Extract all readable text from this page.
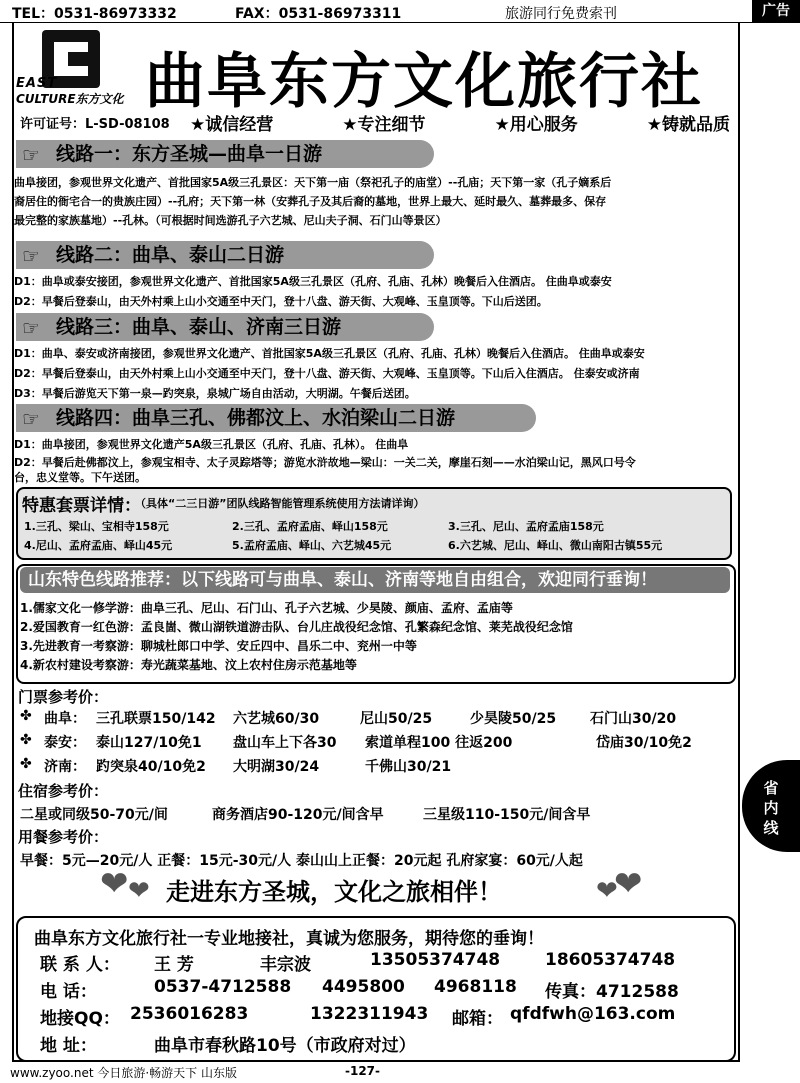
TEL：0531-86973332	FAX：0531-86973311	旅游同行免费索刊	广告
EAST
CULTURE东方文化 曲阜东方文化旅行社
许可证号：L-SD-08108 ★诚信经营	★专注细节	★用心服务	★铸就品质
☞ 线路一：东方圣城—曲阜一日游
曲阜接团，参观世界文化遗产、首批国家5A级三孔景区：天下第一庙（祭祀孔子的庙堂）--孔庙；天下第一家（孔子嫡系后
裔居住的衙宅合一的贵族庄园）--孔府；天下第一林（安葬孔子及其后裔的墓地，世界上最大、延时最久、墓葬最多、保存
最完整的家族墓地）--孔林。（可根据时间选游孔子六艺城、尼山夫子洞、石门山等景区）
☞ 线路二：曲阜、泰山二日游
D1：曲阜或泰安接团，参观世界文化遗产、首批国家5A级三孔景区（孔府、孔庙、孔林）晚餐后入住酒店。 住曲阜或泰安
D2：早餐后登泰山，由天外村乘上山小交通至中天门，登十八盘、游天街、大观峰、玉皇顶等。下山后送团。
☞ 线路三：曲阜、泰山、济南三日游
D1：曲阜、泰安或济南接团，参观世界文化遗产、首批国家5A级三孔景区（孔府、孔庙、孔林）晚餐后入住酒店。 住曲阜或泰安
D2：早餐后登泰山，由天外村乘上山小交通至中天门，登十八盘、游天街、大观峰、玉皇顶等。下山后入住酒店。 住泰安或济南
D3：早餐后游览天下第一泉—趵突泉，泉城广场自由活动，大明湖。午餐后送团。
☞ 线路四：曲阜三孔、佛都汶上、水泊梁山二日游
D1：曲阜接团，参观世界文化遗产5A级三孔景区（孔府、孔庙、孔林）。 住曲阜
D2：早餐后赴佛都汶上，参观宝相寺、太子灵踪塔等；游览水浒故地—梁山：一关二关，摩崖石刻——水泊梁山记，黑风口号令
台，忠义堂等。下午送团。
特惠套票详情：
（具体“二三日游”团队线路智能管理系统使用方法请详询）
1.三孔、梁山、宝相寺158元	2.三孔、孟府孟庙、峄山158元	3.三孔、尼山、孟府孟庙158元
4.尼山、孟府孟庙、峄山45元	5.孟府孟庙、峄山、六艺城45元	6.六艺城、尼山、峄山、微山南阳古镇55元
山东特色线路推荐：以下线路可与曲阜、泰山、济南等地自由组合，欢迎同行垂询！
1.儒家文化一修学游：曲阜三孔、尼山、石门山、孔子六艺城、少昊陵、颜庙、孟府、孟庙等
2.爱国教育一红色游：孟良崮、微山湖铁道游击队、台儿庄战役纪念馆、孔繁森纪念馆、莱芜战役纪念馆
3.先进教育一考察游：聊城杜郎口中学、安丘四中、昌乐二中、兖州一中等
4.新农村建设考察游：寿光蔬菜基地、汶上农村住房示范基地等
门票参考价：
✤ 曲阜： 三孔联票150/142 六艺城60/30	尼山50/25	少昊陵50/25 石门山30/20
✤ 泰安： 泰山127/10免1 盘山车上下各30 索道单程100 往返200	岱庙30/10免2
✤ 济南： 趵突泉40/10免2 大明湖30/24	千佛山30/21
住宿参考价：
二星或同级50-70元/间	商务酒店90-120元/间含早	三星级110-150元/间含早
用餐参考价：
早餐：5元—20元/人 正餐：15元-30元/人 泰山山上正餐：20元起 孔府家宴：60元/人起
❤ ❤ 走进东方圣城，文化之旅相伴！	❤
❤
曲阜东方文化旅行社一专业地接社，真诚为您服务，期待您的垂询！
联 系 人： 王 芳	丰宗波	13505374748	18605374748
电 话：	0537-4712588 4495800 4968118 传真：4712588
地接QQ： 2536016283	1322311943 邮箱： qfdfwh@163.com
地 址：	曲阜市春秋路10号（市政府对过）
省
内
线
www.zyoo.net 今日旅游·畅游天下 山东版	-127-
